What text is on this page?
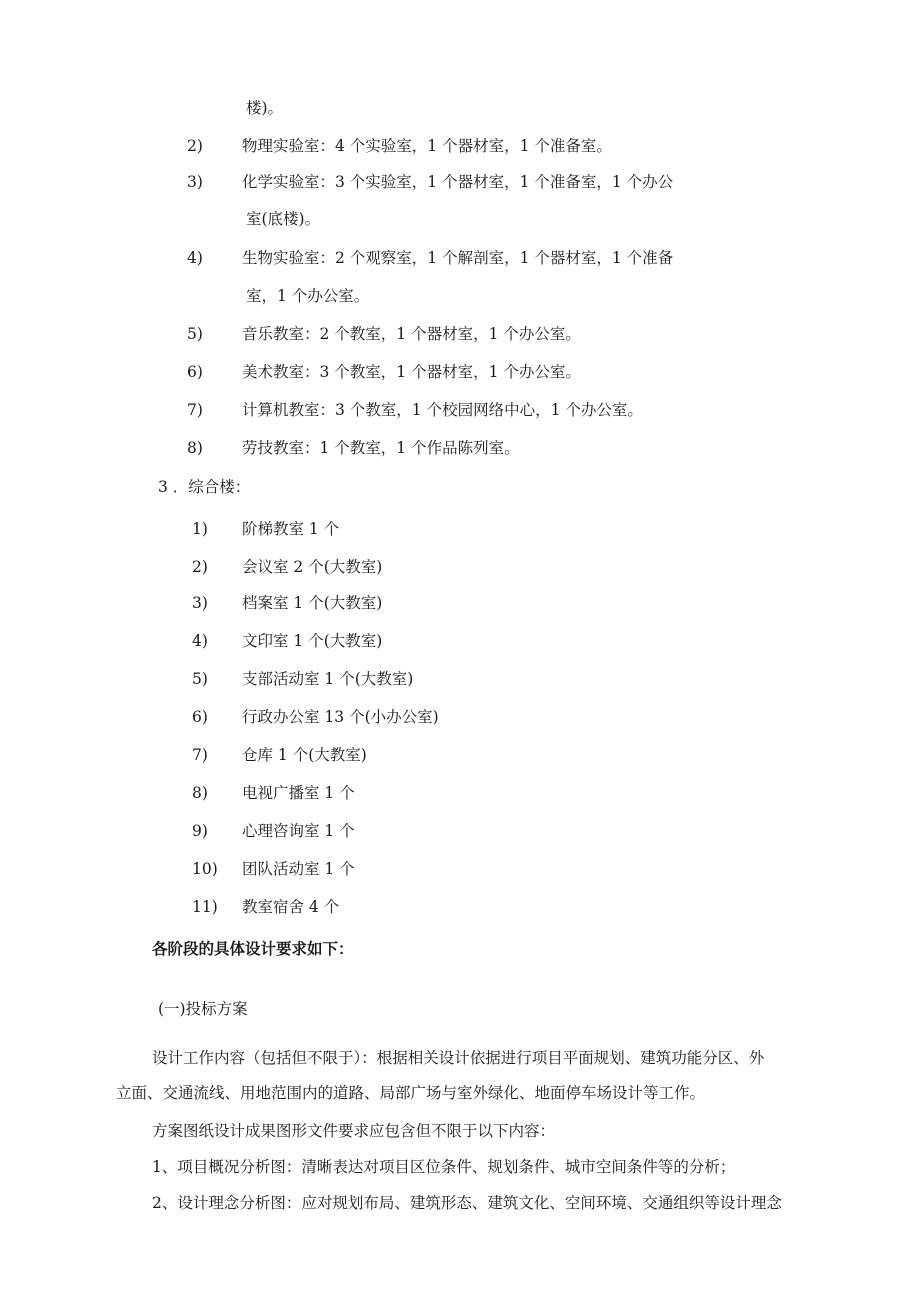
楼)。
2)	物理实验室：4 个实验室，1 个器材室，1 个准备室。
3)	化学实验室：3 个实验室，1 个器材室，1 个准备室，1 个办公
室(底楼)。
4)	生物实验室：2 个观察室，1 个解剖室，1 个器材室，1 个准备
室，1 个办公室。
5)	音乐教室：2 个教室，1 个器材室，1 个办公室。
6)	美术教室：3 个教室，1 个器材室，1 个办公室。
7)	计算机教室：3 个教室，1 个校园网络中心，1 个办公室。
8)	劳技教室：1 个教室，1 个作品陈列室。
3 ．综合楼：
1) 阶梯教室 1 个
2) 会议室 2 个(大教室)
3) 档案室 1 个(大教室)
4) 文印室 1 个(大教室)
5) 支部活动室 1 个(大教室)
6) 行政办公室 13 个(小办公室)
7) 仓库 1 个(大教室)
8) 电视广播室 1 个
9) 心理咨询室 1 个
10) 团队活动室 1 个
11) 教室宿舍 4 个
各阶段的具体设计要求如下：
(一)投标方案
设计工作内容（包括但不限于）：根据相关设计依据进行项目平面规划、建筑功能分区、外
立面、交通流线、用地范围内的道路、局部广场与室外绿化、地面停车场设计等工作。
方案图纸设计成果图形文件要求应包含但不限于以下内容：
1、项目概况分析图：清晰表达对项目区位条件、规划条件、城市空间条件等的分析；
2、设计理念分析图：应对规划布局、建筑形态、建筑文化、空间环境、交通组织等设计理念
